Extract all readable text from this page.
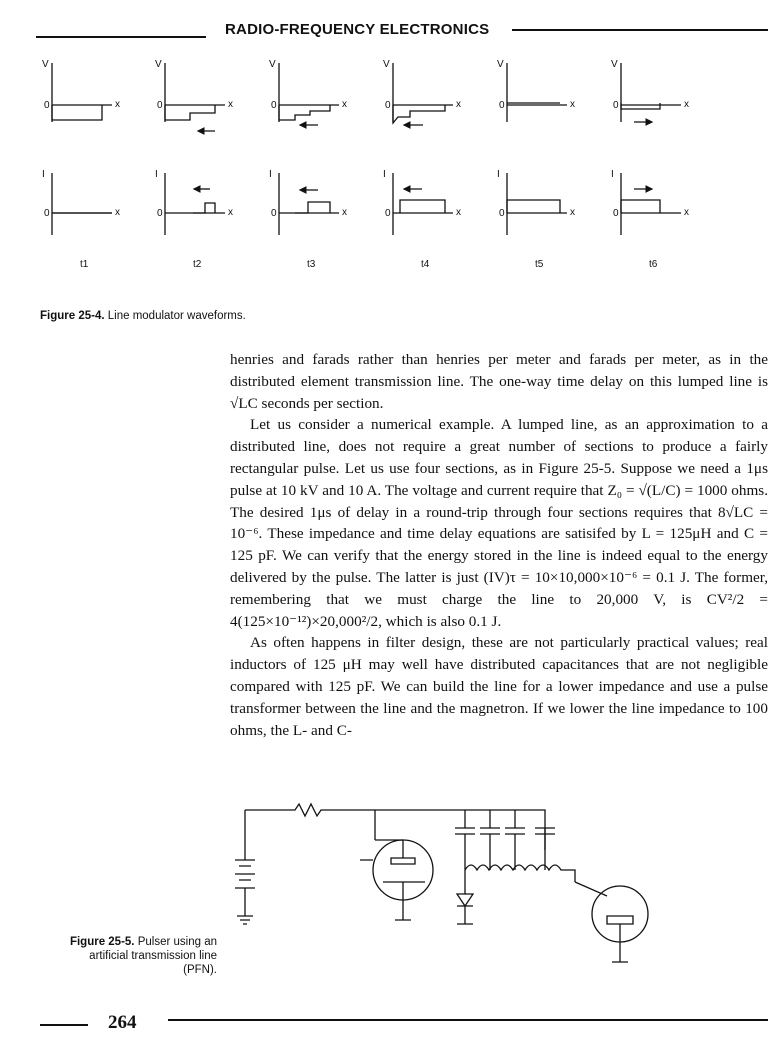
RADIO-FREQUENCY ELECTRONICS
V
0	x
I
0	x
t1
V
0	x
I
0	x
t2
V
0	x
I
0	x
t3
V
0	x
I
0	x
t4
V
0	x
I
0	x
t5
V
0	x
I
0	x
t6
Figure 25-4. Line modulator waveforms.

henries and farads rather than henries per meter and farads per meter, as in the distributed element transmission line. The one-way time delay on this lumped line is √LC seconds per section.

Let us consider a numerical example. A lumped line, as an approximation to a distributed line, does not require a great number of sections to produce a fairly rectangular pulse. Let us use four sections, as in Figure 25-5. Suppose we need a 1μs pulse at 10 kV and 10 A. The voltage and current require that Z₀ = √(L/C) = 1000 ohms. The desired 1μs of delay in a round-trip through four sections requires that 8√LC = 10⁻⁶. These impedance and time delay equations are satisifed by L = 125μH and C = 125 pF. We can verify that the energy stored in the line is indeed equal to the energy delivered by the pulse. The latter is just (IV)τ = 10×10,000×10⁻⁶ = 0.1 J. The former, remembering that we must charge the line to 20,000 V, is CV²/2 = 4(125×10⁻¹²)×20,000²/2, which is also 0.1 J.

As often happens in filter design, these are not particularly practical values; real inductors of 125 μH may well have distributed capacitances that are not negligible compared with 125 pF. We can build the line for a lower impedance and use a pulse transformer between the line and the magnetron. If we lower the line impedance to 100 ohms, the L- and C-

Figure 25-5. Pulser using an
artificial transmission line
(PFN).
264
